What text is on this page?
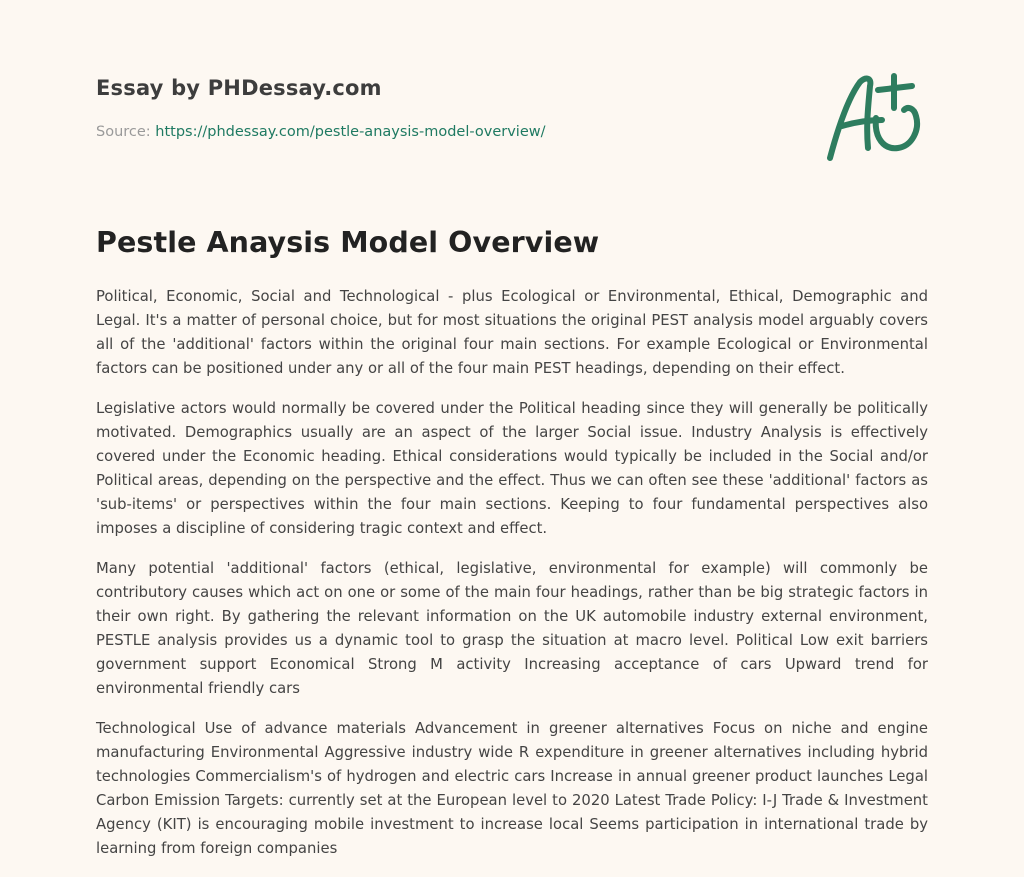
Essay by PHDessay.com
Source: https://phdessay.com/pestle-anaysis-model-overview/
Pestle Anaysis Model Overview

Political, Economic, Social and Technological - plus Ecological or Environmental, Ethical, Demographic and Legal. It's a matter of personal choice, but for most situations the original PEST analysis model arguably covers all of the 'additional' factors within the original four main sections. For example Ecological or Environmental factors can be positioned under any or all of the four main PEST headings, depending on their effect.

Legislative actors would normally be covered under the Political heading since they will generally be politically motivated. Demographics usually are an aspect of the larger Social issue. Industry Analysis is effectively covered under the Economic heading. Ethical considerations would typically be included in the Social and/or Political areas, depending on the perspective and the effect. Thus we can often see these 'additional' factors as 'sub-items' or perspectives within the four main sections. Keeping to four fundamental perspectives also imposes a discipline of considering tragic context and effect.

Many potential 'additional' factors (ethical, legislative, environmental for example) will commonly be contributory causes which act on one or some of the main four headings, rather than be big strategic factors in their own right. By gathering the relevant information on the UK automobile industry external environment, PESTLE analysis provides us a dynamic tool to grasp the situation at macro level. Political Low exit barriers government support Economical Strong M activity Increasing acceptance of cars Upward trend for environmental friendly cars

Technological Use of advance materials Advancement in greener alternatives Focus on niche and engine manufacturing Environmental Aggressive industry wide R expenditure in greener alternatives including hybrid technologies Commercialism's of hydrogen and electric cars Increase in annual greener product launches Legal Carbon Emission Targets: currently set at the European level to 2020 Latest Trade Policy: I-J Trade & Investment Agency (KIT) is encouraging mobile investment to increase local Seems participation in international trade by learning from foreign companies
